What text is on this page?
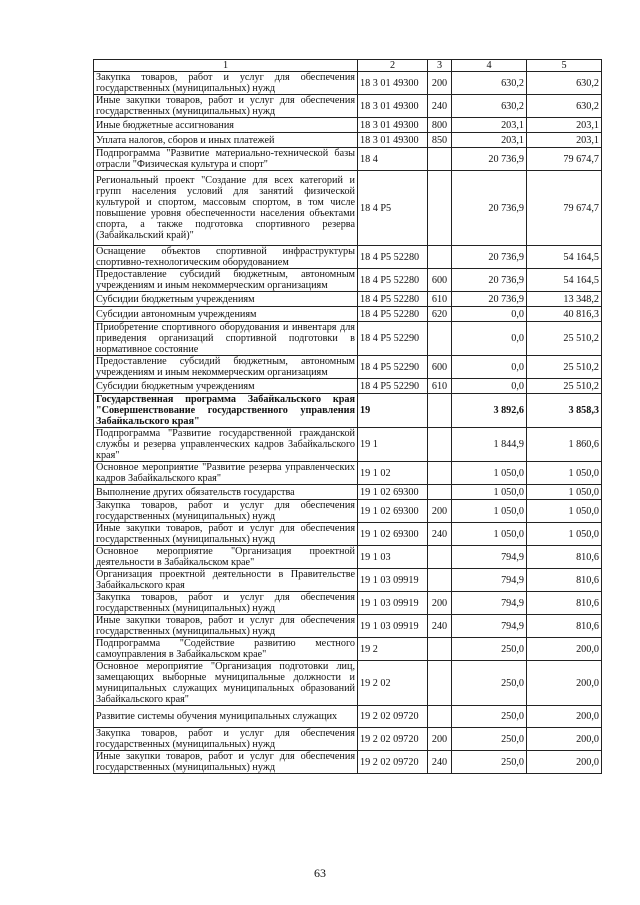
1	2	3	4	5
Закупка товаров, работ и услуг для обеспечения государственных (муниципальных) нужд	18 3 01 49300	200	630,2	630,2
Иные закупки товаров, работ и услуг для обеспечения государственных (муниципальных) нужд	18 3 01 49300	240	630,2	630,2
Иные бюджетные ассигнования	18 3 01 49300	800	203,1	203,1
Уплата налогов, сборов и иных платежей	18 3 01 49300	850	203,1	203,1
Подпрограмма "Развитие материально-технической базы отрасли "Физическая культура и спорт"	18 4		20 736,9	79 674,7
Региональный проект "Создание для всех категорий и групп населения условий для занятий физической культурой и спортом, массовым спортом, в том числе повышение уровня обеспеченности населения объектами спорта, а также подготовка спортивного резерва (Забайкальский край)"	18 4 P5		20 736,9	79 674,7
Оснащение объектов спортивной инфраструктуры спортивно-технологическим оборудованием	18 4 P5 52280		20 736,9	54 164,5
Предоставление субсидий бюджетным, автономным учреждениям и иным некоммерческим организациям	18 4 P5 52280	600	20 736,9	54 164,5
Субсидии бюджетным учреждениям	18 4 P5 52280	610	20 736,9	13 348,2
Субсидии автономным учреждениям	18 4 P5 52280	620	0,0	40 816,3
Приобретение спортивного оборудования и инвентаря для приведения организаций спортивной подготовки в нормативное состояние	18 4 P5 52290		0,0	25 510,2
Предоставление субсидий бюджетным, автономным учреждениям и иным некоммерческим организациям	18 4 P5 52290	600	0,0	25 510,2
Субсидии бюджетным учреждениям	18 4 P5 52290	610	0,0	25 510,2
Государственная программа Забайкальского края "Совершенствование государственного управления Забайкальского края"	19		3 892,6	3 858,3
Подпрограмма "Развитие государственной гражданской службы и резерва управленческих кадров Забайкальского края"	19 1		1 844,9	1 860,6
Основное мероприятие "Развитие резерва управленческих кадров Забайкальского края"	19 1 02		1 050,0	1 050,0
Выполнение других обязательств государства	19 1 02 69300		1 050,0	1 050,0
Закупка товаров, работ и услуг для обеспечения государственных (муниципальных) нужд	19 1 02 69300	200	1 050,0	1 050,0
Иные закупки товаров, работ и услуг для обеспечения государственных (муниципальных) нужд	19 1 02 69300	240	1 050,0	1 050,0
Основное мероприятие "Организация проектной деятельности в Забайкальском крае"	19 1 03		794,9	810,6
Организация проектной деятельности в Правительстве Забайкальского края	19 1 03 09919		794,9	810,6
Закупка товаров, работ и услуг для обеспечения государственных (муниципальных) нужд	19 1 03 09919	200	794,9	810,6
Иные закупки товаров, работ и услуг для обеспечения государственных (муниципальных) нужд	19 1 03 09919	240	794,9	810,6
Подпрограмма "Содействие развитию местного самоуправления в Забайкальском крае"	19 2		250,0	200,0
Основное мероприятие "Организация подготовки лиц, замещающих выборные муниципальные должности и муниципальных служащих муниципальных образований Забайкальского края"	19 2 02		250,0	200,0
Развитие системы обучения муниципальных служащих	19 2 02 09720		250,0	200,0
Закупка товаров, работ и услуг для обеспечения государственных (муниципальных) нужд	19 2 02 09720	200	250,0	200,0
Иные закупки товаров, работ и услуг для обеспечения государственных (муниципальных) нужд	19 2 02 09720	240	250,0	200,0
63
